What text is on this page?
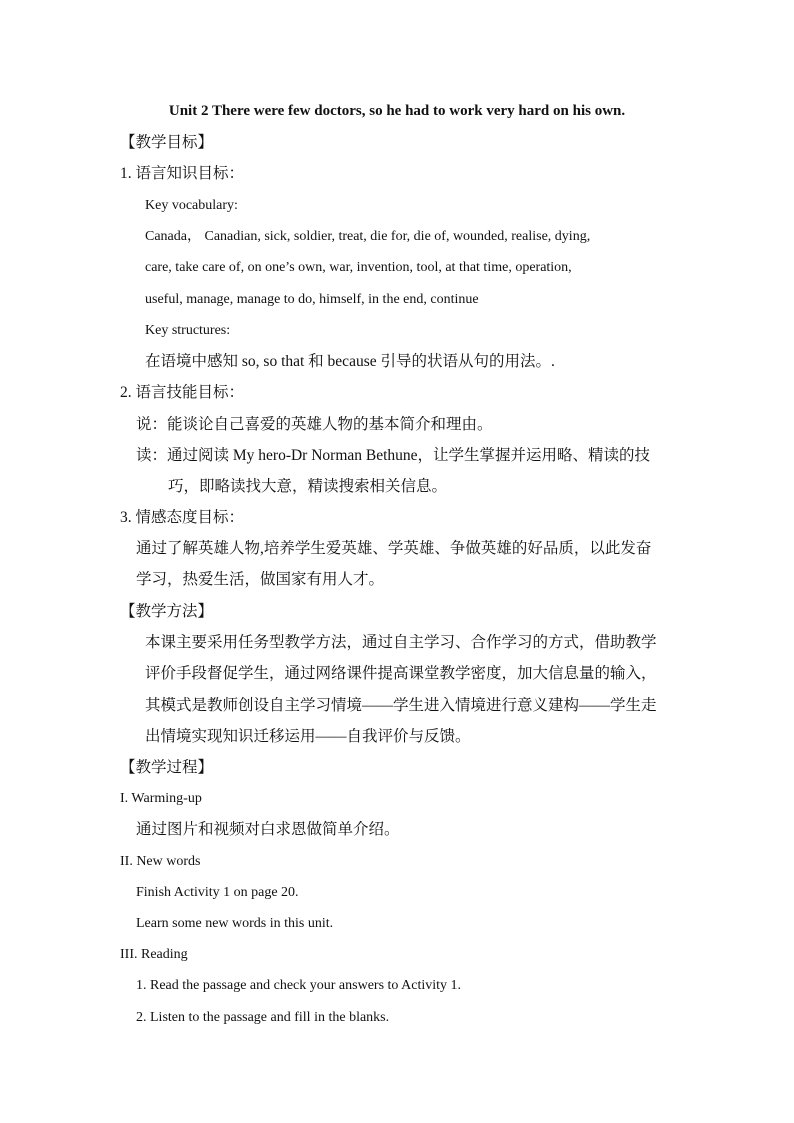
Unit 2 There were few doctors, so he had to work very hard on his own.
【教学目标】
1. 语言知识目标：
Key vocabulary:
Canada， Canadian, sick, soldier, treat, die for, die of, wounded, realise, dying,
care, take care of, on one’s own, war, invention, tool, at that time, operation,
useful, manage, manage to do, himself, in the end, continue
Key structures:
在语境中感知 so, so that 和 because 引导的状语从句的用法。.
2. 语言技能目标：
说：能谈论自己喜爱的英雄人物的基本简介和理由。
读：通过阅读 My hero-Dr Norman Bethune，让学生掌握并运用略、精读的技
巧，即略读找大意，精读搜索相关信息。
3. 情感态度目标：
通过了解英雄人物,培养学生爱英雄、学英雄、争做英雄的好品质，以此发奋
学习，热爱生活，做国家有用人才。
【教学方法】
本课主要采用任务型教学方法，通过自主学习、合作学习的方式，借助教学
评价手段督促学生，通过网络课件提高课堂教学密度，加大信息量的输入，
其模式是教师创设自主学习情境——学生进入情境进行意义建构——学生走
出情境实现知识迁移运用——自我评价与反馈。
【教学过程】
I. Warming-up
通过图片和视频对白求恩做简单介绍。
II. New words
Finish Activity 1 on page 20.
Learn some new words in this unit.
III. Reading
1. Read the passage and check your answers to Activity 1.
2. Listen to the passage and fill in the blanks.
